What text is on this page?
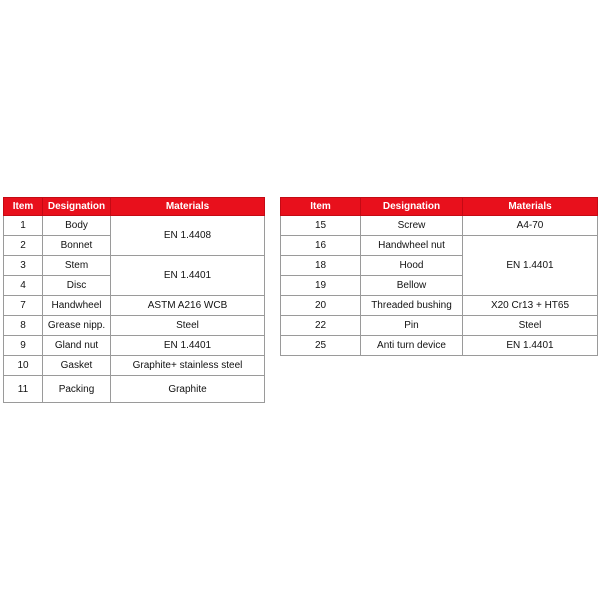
Item	Designation	Materials
1	Body	EN 1.4408
2	Bonnet	
3	Stem	EN 1.4401
4	Disc	
7	Handwheel	ASTM A216 WCB
8	Grease nipp.	Steel
9	Gland nut	EN 1.4401
10	Gasket	Graphite+ stainless steel
11	Packing	Graphite
Item	Designation	Materials
15	Screw	A4-70
16	Handwheel nut	EN 1.4401
18	Hood	
19	Bellow	
20	Threaded bushing	X20 Cr13 + HT65
22	Pin	Steel
25	Anti turn device	EN 1.4401
